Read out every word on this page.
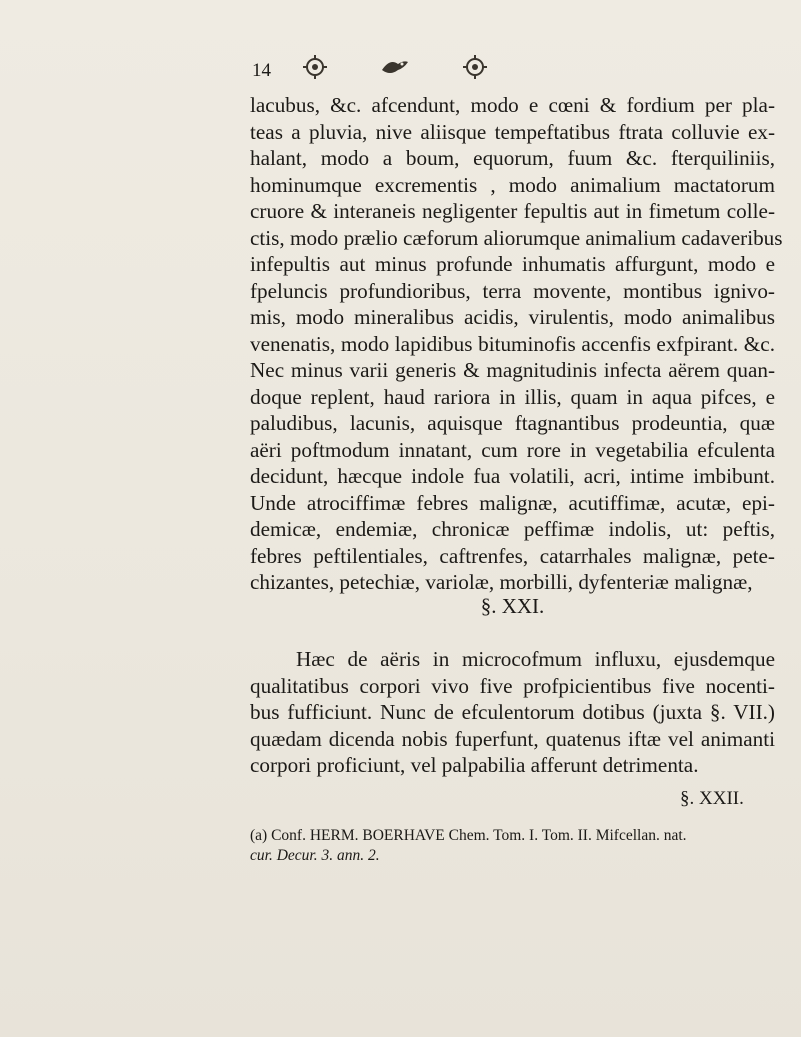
14
lacubus, &c. afcendunt, modo e cœni & fordium per pla-
teas a pluvia, nive aliisque tempeftatibus ftrata colluvie ex-
halant, modo a boum, equorum, fuum &c. fterquiliniis,
hominumque excrementis , modo animalium mactatorum
cruore & interaneis negligenter fepultis aut in fimetum colle-
ctis, modo prælio cæforum aliorumque animalium cadaveribus
infepultis aut minus profunde inhumatis affurgunt, modo e
fpeluncis profundioribus, terra movente, montibus ignivo-
mis, modo mineralibus acidis, virulentis, modo animalibus
venenatis, modo lapidibus bituminofis accenfis exfpirant. &c.
Nec minus varii generis & magnitudinis infecta aërem quan-
doque replent, haud rariora in illis, quam in aqua pifces, e
paludibus, lacunis, aquisque ftagnantibus prodeuntia, quæ
aëri poftmodum innatant, cum rore in vegetabilia efculenta
decidunt, hæcque indole fua volatili, acri, intime imbibunt.
Unde atrociffimæ febres malignæ, acutiffimæ, acutæ, epi-
demicæ, endemiæ, chronicæ peffimæ indolis, ut: peftis,
febres peftilentiales, caftrenfes, catarrhales malignæ, pete-
chizantes, petechiæ, variolæ, morbilli, dyfenteriæ malignæ,
§. XXI.
Hæc de aëris in microcofmum influxu, ejusdemque
qualitatibus corpori vivo five profpicientibus five nocenti-
bus fufficiunt. Nunc de efculentorum dotibus (juxta §. VII.)
quædam dicenda nobis fuperfunt, quatenus iftæ vel animanti
corpori proficiunt, vel palpabilia afferunt detrimenta.
§. XXII.
(a) Conf. HERM. BOERHAVE Chem. Tom. I. Tom. II. Mifcellan. nat.
cur. Decur. 3. ann. 2.
